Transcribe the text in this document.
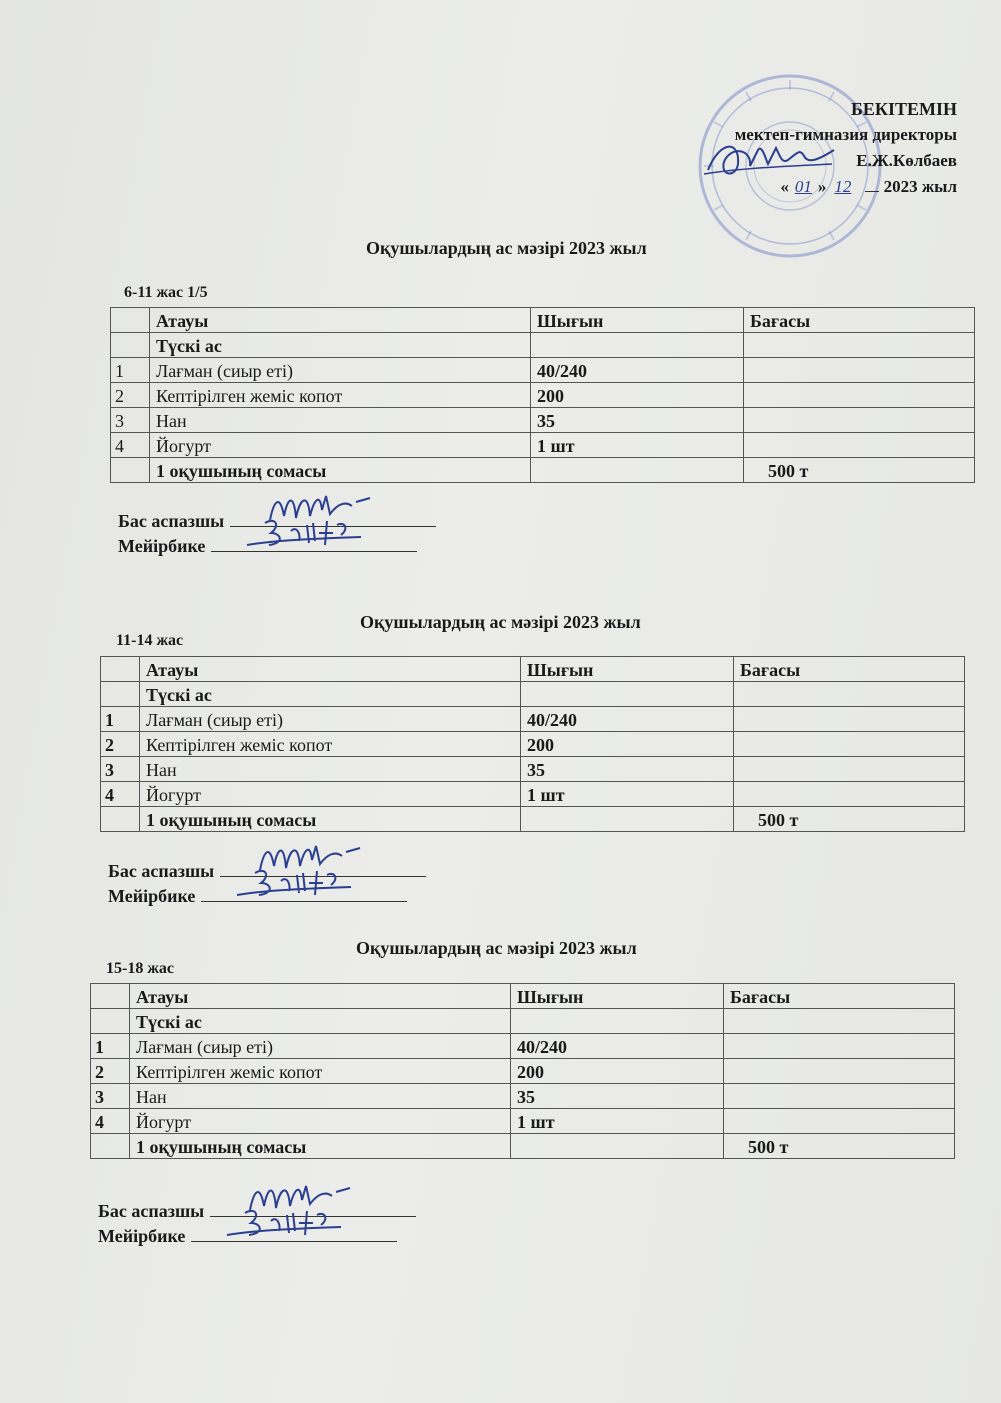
БЕКІТЕМІН
мектеп-гимназия директоры
Е.Ж.Көлбаев
« 01 » 12 2023 жыл
Оқушылардың ас мәзірі 2023 жыл
6-11 жас 1/5
	Атауы	Шығын	Бағасы
	Түскі ас		
1	Лағман (сиыр еті)	40/240	
2	Кептірілген жеміс копот	200	
3	Нан	35	
4	Йогурт	1 шт	
	1 оқушының сомасы		500 т
Бас аспазшы
Мейірбике
Оқушылардың ас мәзірі 2023 жыл
11-14 жас
	Атауы	Шығын	Бағасы
	Түскі ас		
1	Лағман (сиыр еті)	40/240	
2	Кептірілген жеміс копот	200	
3	Нан	35	
4	Йогурт	1 шт	
	1 оқушының сомасы		500 т
Бас аспазшы
Мейірбике
Оқушылардың ас мәзірі 2023 жыл
15-18 жас
	Атауы	Шығын	Бағасы
	Түскі ас		
1	Лағман (сиыр еті)	40/240	
2	Кептірілген жеміс копот	200	
3	Нан	35	
4	Йогурт	1 шт	
	1 оқушының сомасы		500 т
Бас аспазшы
Мейірбике
